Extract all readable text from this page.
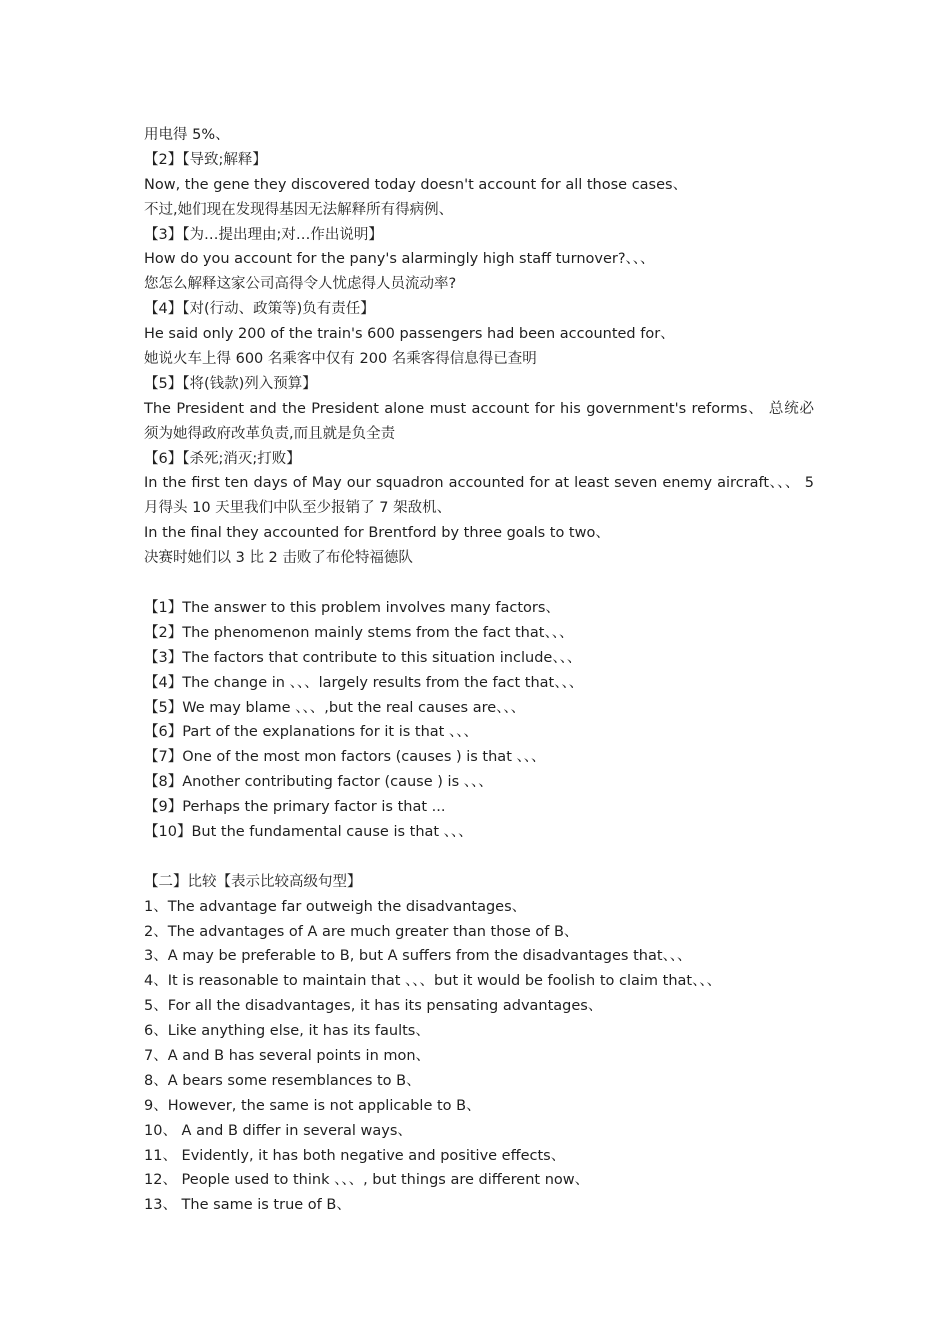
用电得 5%、
【2】【导致;解释】
Now, the gene they discovered today doesn't account for all those cases、
不过,她们现在发现得基因无法解释所有得病例、
【3】【为…提出理由;对…作出说明】
How do you account for the pany's alarmingly high staff turnover?、、、
您怎么解释这家公司高得令人忧虑得人员流动率?
【4】【对(行动、政策等)负有责任】
He said only 200 of the train's 600 passengers had been accounted for、
她说火车上得 600 名乘客中仅有 200 名乘客得信息得已查明
【5】【将(钱款)列入预算】
The President and the President alone must account for his government's reforms、 总统必须为她得政府改革负责,而且就是负全责
【6】【杀死;消灭;打败】
In the first ten days of May our squadron accounted for at least seven enemy aircraft、、、 5 月得头 10 天里我们中队至少报销了 7 架敌机、
In the final they accounted for Brentford by three goals to two、
决赛时她们以 3 比 2 击败了布伦特福德队
【1】The answer to this problem involves many factors、
【2】The phenomenon mainly stems from the fact that、、、
【3】The factors that contribute to this situation include、、、
【4】The change in 、、、largely results from the fact that、、、
【5】We may blame 、、、,but the real causes are、、、
【6】Part of the explanations for it is that 、、、
【7】One of the most mon factors (causes ) is that 、、、
【8】Another contributing factor (cause ) is 、、、
【9】Perhaps the primary factor is that ...
【10】But the fundamental cause is that 、、、
【二】比较【表示比较高级句型】
1、The advantage far outweigh the disadvantages、
2、The advantages of A are much greater than those of B、
3、A may be preferable to B, but A suffers from the disadvantages that、、、
4、It is reasonable to maintain that 、、、but it would be foolish to claim that、、、
5、For all the disadvantages, it has its pensating advantages、
6、Like anything else, it has its faults、
7、A and B has several points in mon、
8、A bears some resemblances to B、
9、However, the same is not applicable to B、
10、 A and B differ in several ways、
11、 Evidently, it has both negative and positive effects、
12、 People used to think 、、、, but things are different now、
13、 The same is true of B、
